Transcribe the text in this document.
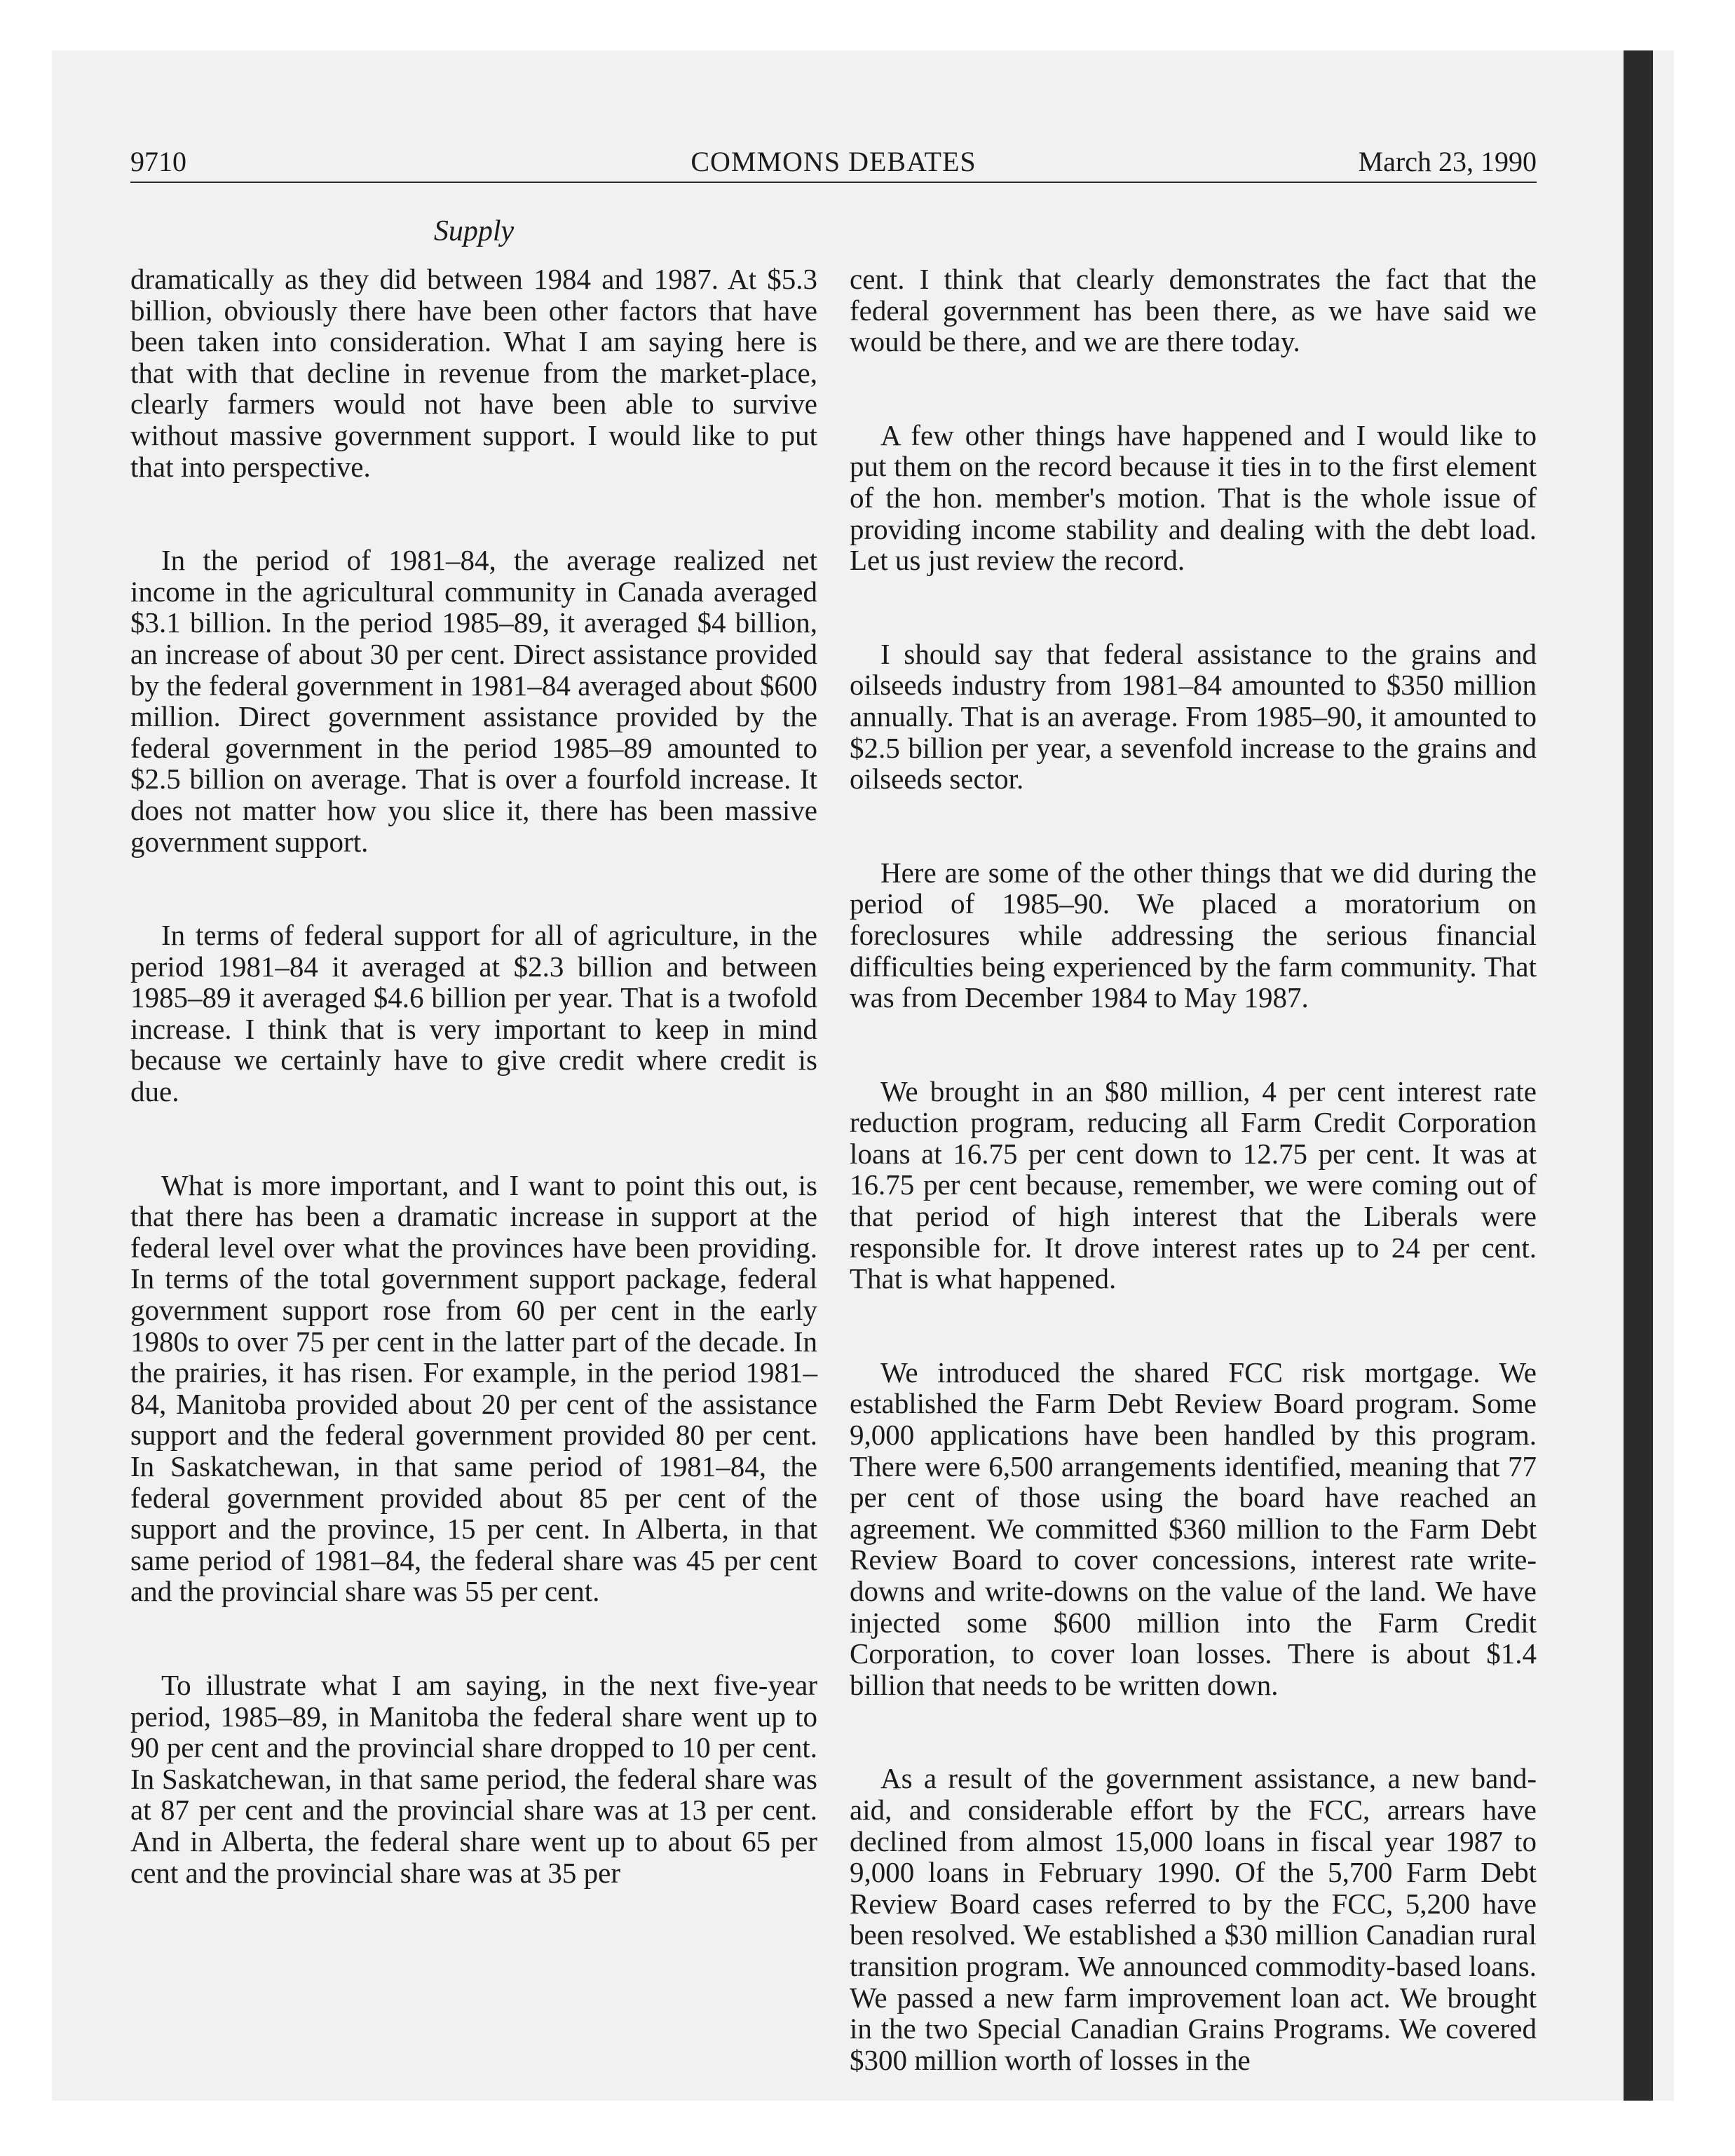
9710	COMMONS DEBATES	March 23, 1990
Supply

dramatically as they did between 1984 and 1987. At $5.3 billion, obviously there have been other factors that have been taken into consideration. What I am saying here is that with that decline in revenue from the market-place, clearly farmers would not have been able to survive without massive government support. I would like to put that into perspective.

In the period of 1981–84, the average realized net income in the agricultural community in Canada averaged $3.1 billion. In the period 1985–89, it averaged $4 billion, an increase of about 30 per cent. Direct assistance provided by the federal government in 1981–84 averaged about $600 million. Direct government assistance provided by the federal government in the period 1985–89 amounted to $2.5 billion on average. That is over a fourfold increase. It does not matter how you slice it, there has been massive government support.

In terms of federal support for all of agriculture, in the period 1981–84 it averaged at $2.3 billion and between 1985–89 it averaged $4.6 billion per year. That is a twofold increase. I think that is very important to keep in mind because we certainly have to give credit where credit is due.

What is more important, and I want to point this out, is that there has been a dramatic increase in support at the federal level over what the provinces have been providing. In terms of the total government support package, federal government support rose from 60 per cent in the early 1980s to over 75 per cent in the latter part of the decade. In the prairies, it has risen. For example, in the period 1981–84, Manitoba provided about 20 per cent of the assistance support and the federal government provided 80 per cent. In Saskatchewan, in that same period of 1981–84, the federal government provided about 85 per cent of the support and the province, 15 per cent. In Alberta, in that same period of 1981–84, the federal share was 45 per cent and the provincial share was 55 per cent.

To illustrate what I am saying, in the next five-year period, 1985–89, in Manitoba the federal share went up to 90 per cent and the provincial share dropped to 10 per cent. In Saskatchewan, in that same period, the federal share was at 87 per cent and the provincial share was at 13 per cent. And in Alberta, the federal share went up to about 65 per cent and the provincial share was at 35 per

cent. I think that clearly demonstrates the fact that the federal government has been there, as we have said we would be there, and we are there today.

A few other things have happened and I would like to put them on the record because it ties in to the first element of the hon. member's motion. That is the whole issue of providing income stability and dealing with the debt load. Let us just review the record.

I should say that federal assistance to the grains and oilseeds industry from 1981–84 amounted to $350 million annually. That is an average. From 1985–90, it amounted to $2.5 billion per year, a sevenfold increase to the grains and oilseeds sector.

Here are some of the other things that we did during the period of 1985–90. We placed a moratorium on foreclosures while addressing the serious financial difficulties being experienced by the farm community. That was from December 1984 to May 1987.

We brought in an $80 million, 4 per cent interest rate reduction program, reducing all Farm Credit Corporation loans at 16.75 per cent down to 12.75 per cent. It was at 16.75 per cent because, remember, we were coming out of that period of high interest that the Liberals were responsible for. It drove interest rates up to 24 per cent. That is what happened.

We introduced the shared FCC risk mortgage. We established the Farm Debt Review Board program. Some 9,000 applications have been handled by this program. There were 6,500 arrangements identified, meaning that 77 per cent of those using the board have reached an agreement. We committed $360 million to the Farm Debt Review Board to cover concessions, interest rate write-downs and write-downs on the value of the land. We have injected some $600 million into the Farm Credit Corporation, to cover loan losses. There is about $1.4 billion that needs to be written down.

As a result of the government assistance, a new band-aid, and considerable effort by the FCC, arrears have declined from almost 15,000 loans in fiscal year 1987 to 9,000 loans in February 1990. Of the 5,700 Farm Debt Review Board cases referred to by the FCC, 5,200 have been resolved. We established a $30 million Canadian rural transition program. We announced commodity-based loans. We passed a new farm improvement loan act. We brought in the two Special Canadian Grains Programs. We covered $300 million worth of losses in the
